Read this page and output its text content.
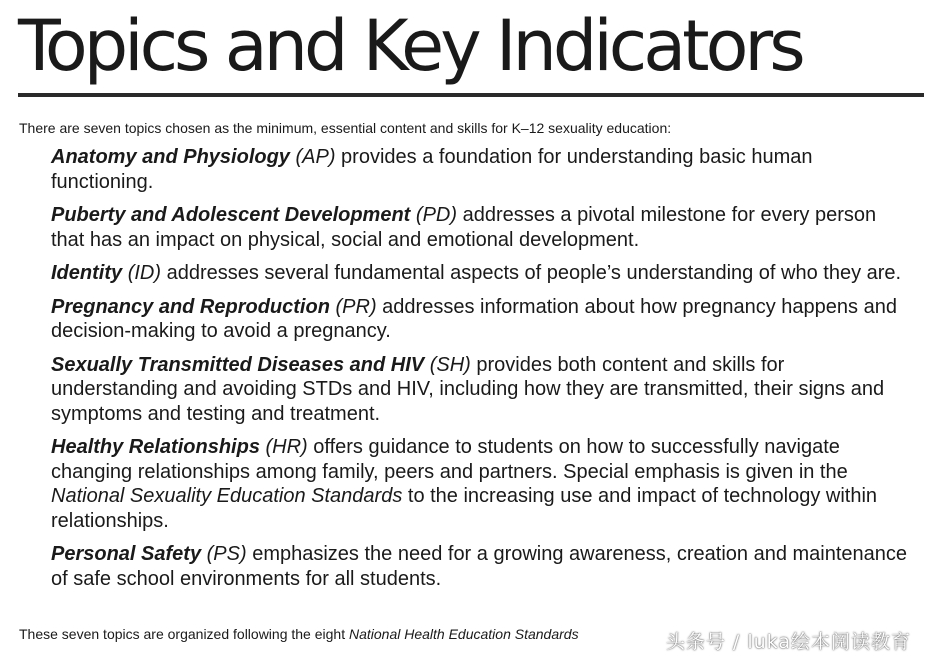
Topics and Key Indicators
There are seven topics chosen as the minimum, essential content and skills for K–12 sexuality education:
Anatomy and Physiology (AP) provides a foundation for understanding basic human functioning.
Puberty and Adolescent Development (PD) addresses a pivotal milestone for every person that has an impact on physical, social and emotional development.
Identity (ID) addresses several fundamental aspects of people’s understanding of who they are.
Pregnancy and Reproduction (PR) addresses information about how pregnancy happens and decision-making to avoid a pregnancy.
Sexually Transmitted Diseases and HIV (SH) provides both content and skills for understanding and avoiding STDs and HIV, including how they are transmitted, their signs and symptoms and testing and treatment.
Healthy Relationships (HR) offers guidance to students on how to successfully navigate changing relationships among family, peers and partners. Special emphasis is given in the National Sexuality Education Standards to the increasing use and impact of technology within relationships.
Personal Safety (PS) emphasizes the need for a growing awareness, creation and maintenance of safe school environments for all students.
These seven topics are organized following the eight National Health Education Standards	头条号 / luka绘本阅读教育
